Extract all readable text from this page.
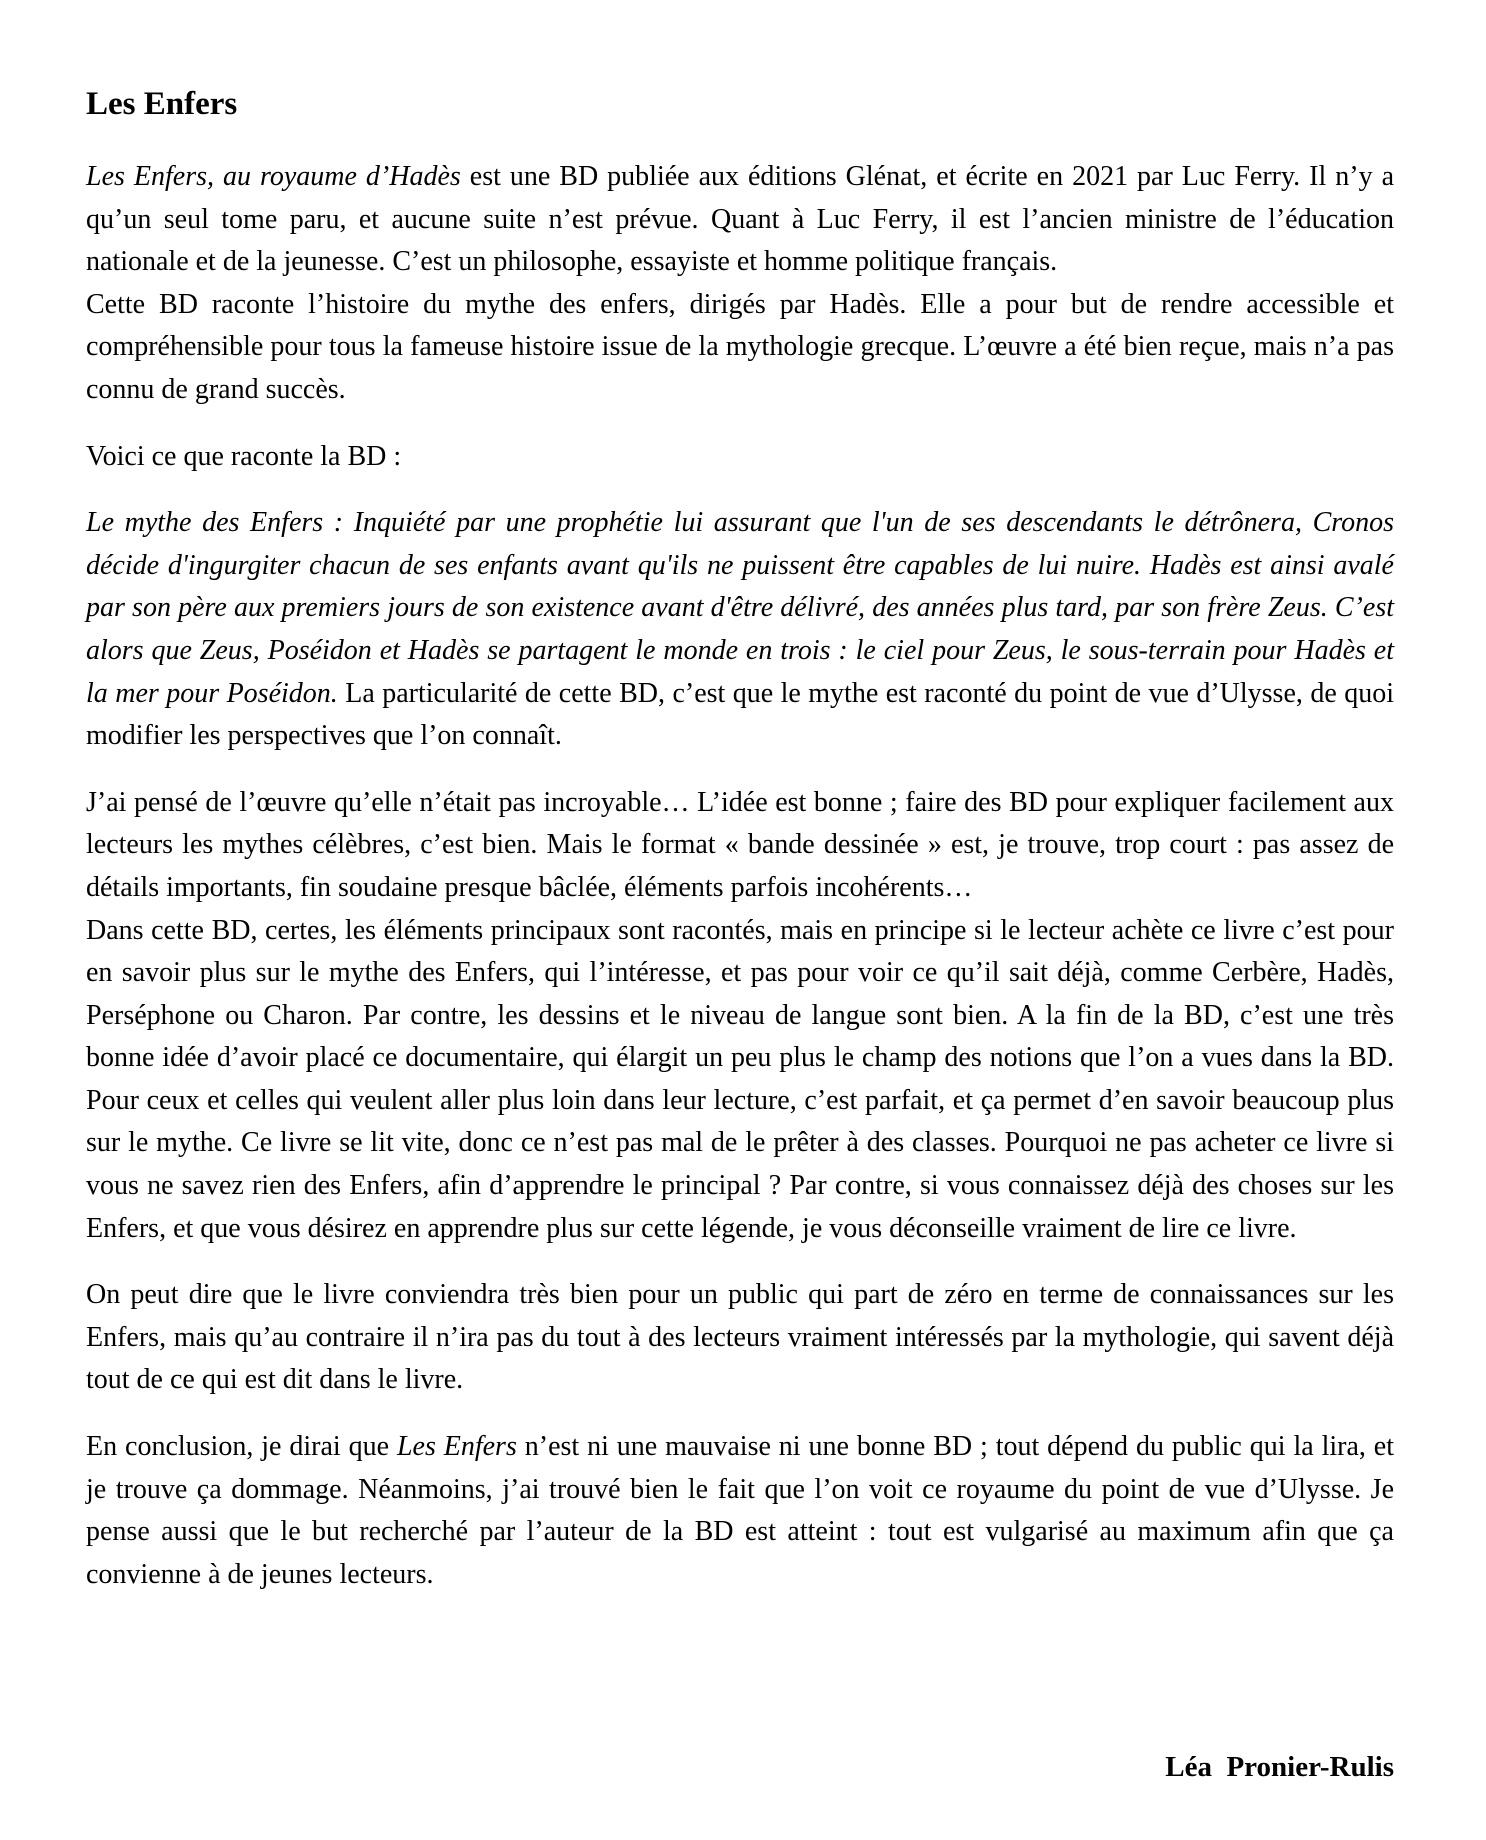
Les Enfers

Les Enfers, au royaume d’Hadès est une BD publiée aux éditions Glénat, et écrite en 2021 par Luc Ferry. Il n’y a qu’un seul tome paru, et aucune suite n’est prévue. Quant à Luc Ferry, il est l’ancien ministre de l’éducation nationale et de la jeunesse. C’est un philosophe, essayiste et homme politique français.

Cette BD raconte l’histoire du mythe des enfers, dirigés par Hadès. Elle a pour but de rendre accessible et compréhensible pour tous la fameuse histoire issue de la mythologie grecque. L’œuvre a été bien reçue, mais n’a pas connu de grand succès.

Voici ce que raconte la BD :

Le mythe des Enfers : Inquiété par une prophétie lui assurant que l'un de ses descendants le détrônera, Cronos décide d'ingurgiter chacun de ses enfants avant qu'ils ne puissent être capables de lui nuire. Hadès est ainsi avalé par son père aux premiers jours de son existence avant d'être délivré, des années plus tard, par son frère Zeus. C’est alors que Zeus, Poséidon et Hadès se partagent le monde en trois : le ciel pour Zeus, le sous-terrain pour Hadès et la mer pour Poséidon. La particularité de cette BD, c’est que le mythe est raconté du point de vue d’Ulysse, de quoi modifier les perspectives que l’on connaît.

J’ai pensé de l’œuvre qu’elle n’était pas incroyable… L’idée est bonne ; faire des BD pour expliquer facilement aux lecteurs les mythes célèbres, c’est bien. Mais le format « bande dessinée » est, je trouve, trop court : pas assez de détails importants, fin soudaine presque bâclée, éléments parfois incohérents…

Dans cette BD, certes, les éléments principaux sont racontés, mais en principe si le lecteur achète ce livre c’est pour en savoir plus sur le mythe des Enfers, qui l’intéresse, et pas pour voir ce qu’il sait déjà, comme Cerbère, Hadès, Perséphone ou Charon. Par contre, les dessins et le niveau de langue sont bien. A la fin de la BD, c’est une très bonne idée d’avoir placé ce documentaire, qui élargit un peu plus le champ des notions que l’on a vues dans la BD. Pour ceux et celles qui veulent aller plus loin dans leur lecture, c’est parfait, et ça permet d’en savoir beaucoup plus sur le mythe. Ce livre se lit vite, donc ce n’est pas mal de le prêter à des classes. Pourquoi ne pas acheter ce livre si vous ne savez rien des Enfers, afin d’apprendre le principal ? Par contre, si vous connaissez déjà des choses sur les Enfers, et que vous désirez en apprendre plus sur cette légende, je vous déconseille vraiment de lire ce livre.

On peut dire que le livre conviendra très bien pour un public qui part de zéro en terme de connaissances sur les Enfers, mais qu’au contraire il n’ira pas du tout à des lecteurs vraiment intéressés par la mythologie, qui savent déjà tout de ce qui est dit dans le livre.

En conclusion, je dirai que Les Enfers n’est ni une mauvaise ni une bonne BD ; tout dépend du public qui la lira, et je trouve ça dommage. Néanmoins, j’ai trouvé bien le fait que l’on voit ce royaume du point de vue d’Ulysse. Je pense aussi que le but recherché par l’auteur de la BD est atteint : tout est vulgarisé au maximum afin que ça convienne à de jeunes lecteurs.

Léa  Pronier-Rulis
